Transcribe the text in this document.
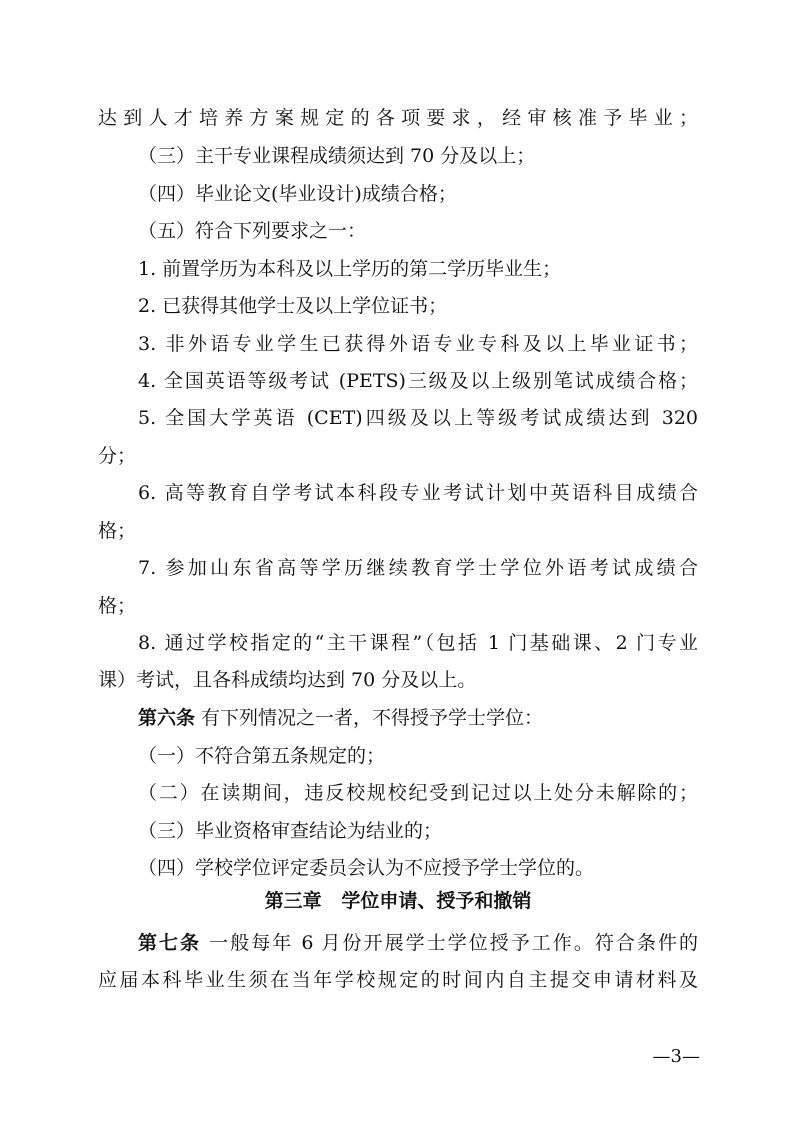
达到人才培养方案规定的各项要求，经审核准予毕业；
（三）主干专业课程成绩须达到 70 分及以上；
（四）毕业论文(毕业设计)成绩合格；
（五）符合下列要求之一：
1. 前置学历为本科及以上学历的第二学历毕业生；
2. 已获得其他学士及以上学位证书；
3. 非外语专业学生已获得外语专业专科及以上毕业证书；
4. 全国英语等级考试 (PETS)三级及以上级别笔试成绩合格；
5. 全国大学英语 (CET)四级及以上等级考试成绩达到 320
分；
6. 高等教育自学考试本科段专业考试计划中英语科目成绩合
格；
7. 参加山东省高等学历继续教育学士学位外语考试成绩合
格；
8. 通过学校指定的“主干课程”（包括 1 门基础课、2 门专业
课）考试，且各科成绩均达到 70 分及以上。
第六条 有下列情况之一者，不得授予学士学位：
（一）不符合第五条规定的；
（二）在读期间，违反校规校纪受到记过以上处分未解除的；
（三）毕业资格审查结论为结业的；
（四）学校学位评定委员会认为不应授予学士学位的。
第三章   学位申请、授予和撤销
第七条 一般每年 6 月份开展学士学位授予工作。符合条件的
应届本科毕业生须在当年学校规定的时间内自主提交申请材料及
—3—
